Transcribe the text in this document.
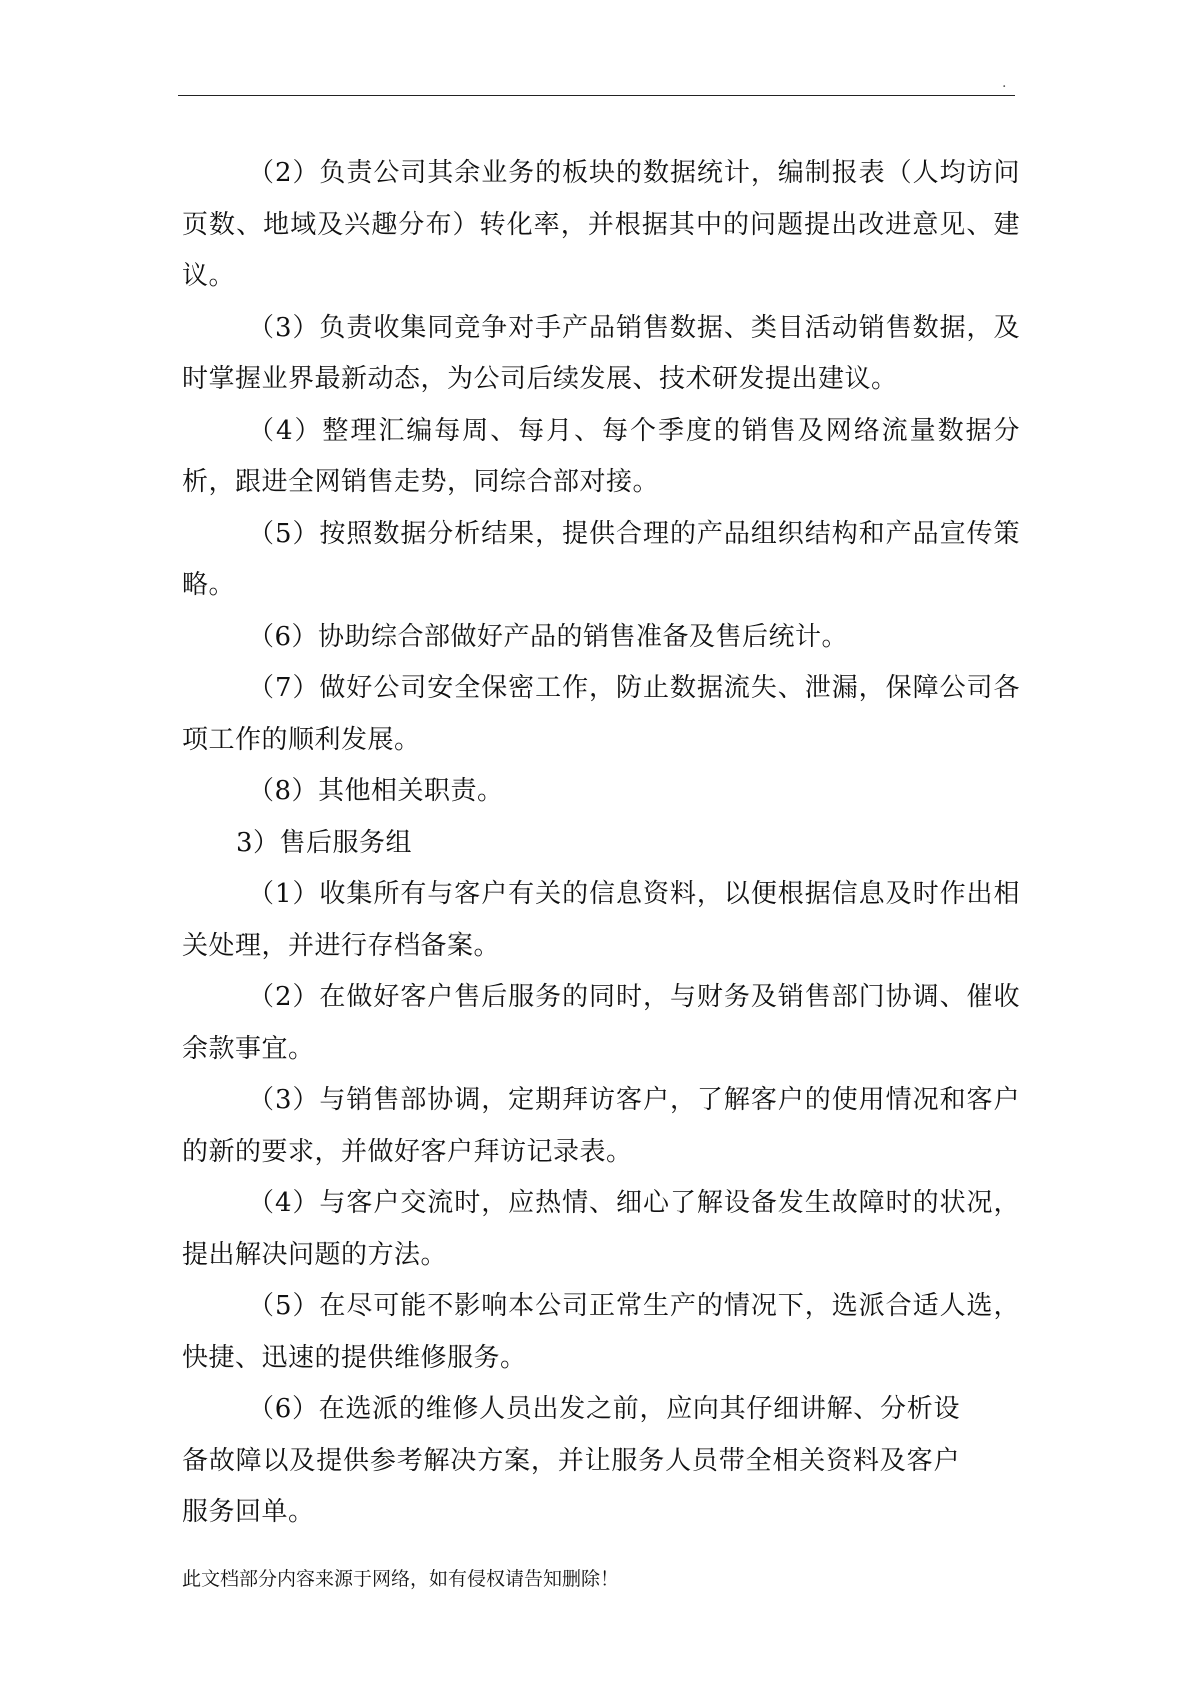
.

（2）负责公司其余业务的板块的数据统计，编制报表（人均访问页数、地域及兴趣分布）转化率，并根据其中的问题提出改进意见、建议。

（3）负责收集同竞争对手产品销售数据、类目活动销售数据，及时掌握业界最新动态，为公司后续发展、技术研发提出建议。

（4）整理汇编每周、每月、每个季度的销售及网络流量数据分析，跟进全网销售走势，同综合部对接。

（5）按照数据分析结果，提供合理的产品组织结构和产品宣传策略。

（6）协助综合部做好产品的销售准备及售后统计。

（7）做好公司安全保密工作，防止数据流失、泄漏，保障公司各项工作的顺利发展。

（8）其他相关职责。

3）售后服务组

（1）收集所有与客户有关的信息资料，以便根据信息及时作出相关处理，并进行存档备案。

（2）在做好客户售后服务的同时，与财务及销售部门协调、催收余款事宜。

（3）与销售部协调，定期拜访客户，了解客户的使用情况和客户的新的要求，并做好客户拜访记录表。

（4）与客户交流时，应热情、细心了解设备发生故障时的状况，提出解决问题的方法。

（5）在尽可能不影响本公司正常生产的情况下，选派合适人选，快捷、迅速的提供维修服务。

（6）在选派的维修人员出发之前，应向其仔细讲解、分析设备故障以及提供参考解决方案，并让服务人员带全相关资料及客户服务回单。

此文档部分内容来源于网络，如有侵权请告知删除！
